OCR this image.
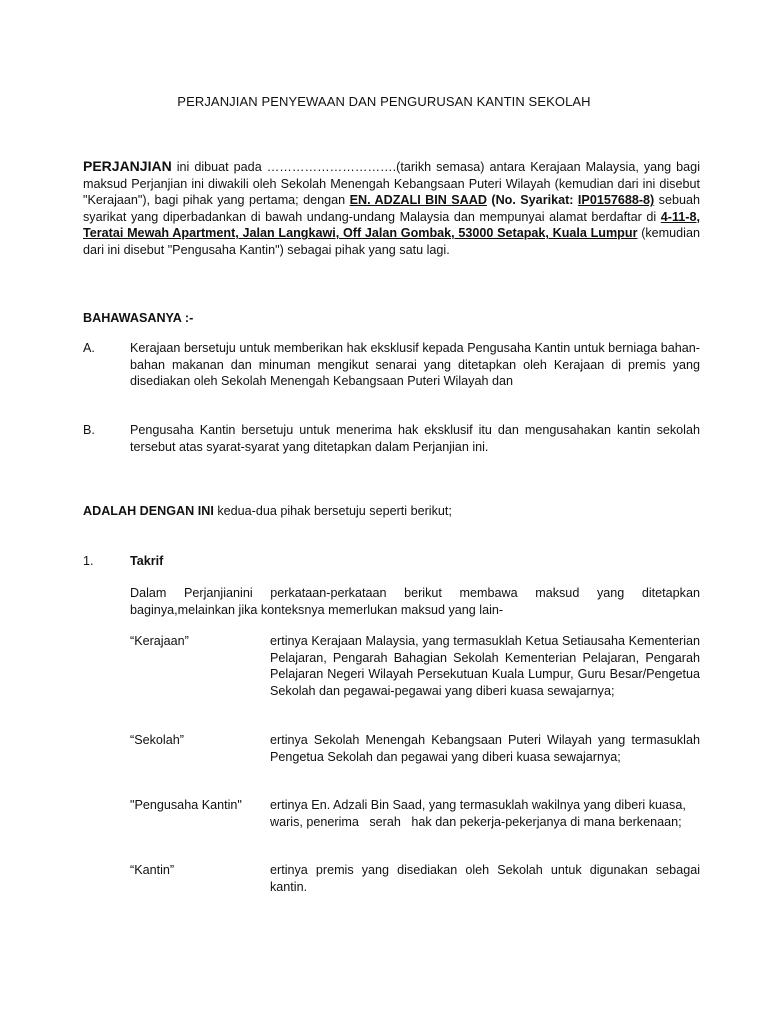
PERJANJIAN PENYEWAAN DAN PENGURUSAN KANTIN SEKOLAH
PERJANJIAN ini dibuat pada ………………………….(tarikh semasa) antara Kerajaan Malaysia, yang bagi maksud Perjanjian ini diwakili oleh Sekolah Menengah Kebangsaan Puteri Wilayah (kemudian dari ini disebut "Kerajaan"), bagi pihak yang pertama; dengan EN. ADZALI BIN SAAD (No. Syarikat: IP0157688-8) sebuah syarikat yang diperbadankan di bawah undang-undang Malaysia dan mempunyai alamat berdaftar di 4-11-8, Teratai Mewah Apartment, Jalan Langkawi, Off Jalan Gombak, 53000 Setapak, Kuala Lumpur (kemudian dari ini disebut "Pengusaha Kantin") sebagai pihak yang satu lagi.
BAHAWASANYA :-
A.	Kerajaan bersetuju untuk memberikan hak eksklusif kepada Pengusaha Kantin untuk berniaga bahan-bahan makanan dan minuman mengikut senarai yang ditetapkan oleh Kerajaan di premis yang disediakan oleh Sekolah Menengah Kebangsaan Puteri Wilayah dan
B.	Pengusaha Kantin bersetuju untuk menerima hak eksklusif itu dan mengusahakan kantin sekolah tersebut atas syarat-syarat yang ditetapkan dalam Perjanjian ini.
ADALAH DENGAN INI kedua-dua pihak bersetuju seperti berikut;
1.	Takrif
Dalam Perjanjianini perkataan-perkataan berikut membawa maksud yang ditetapkan baginya,melainkan jika konteksnya memerlukan maksud yang lain-
“Kerajaan”	ertinya Kerajaan Malaysia, yang termasuklah Ketua Setiausaha Kementerian Pelajaran, Pengarah Bahagian Sekolah Kementerian Pelajaran, Pengarah Pelajaran Negeri Wilayah Persekutuan Kuala Lumpur, Guru Besar/Pengetua Sekolah dan pegawai-pegawai yang diberi kuasa sewajarnya;
“Sekolah”	ertinya Sekolah Menengah Kebangsaan Puteri Wilayah yang termasuklah Pengetua Sekolah dan pegawai yang diberi kuasa sewajarnya;
"Pengusaha Kantin" ertinya En. Adzali Bin Saad, yang termasuklah wakilnya yang diberi kuasa, waris, penerima   serah   hak dan pekerja-pekerjanya di mana berkenaan;
“Kantin”	ertinya premis yang disediakan oleh Sekolah untuk digunakan sebagai kantin.
